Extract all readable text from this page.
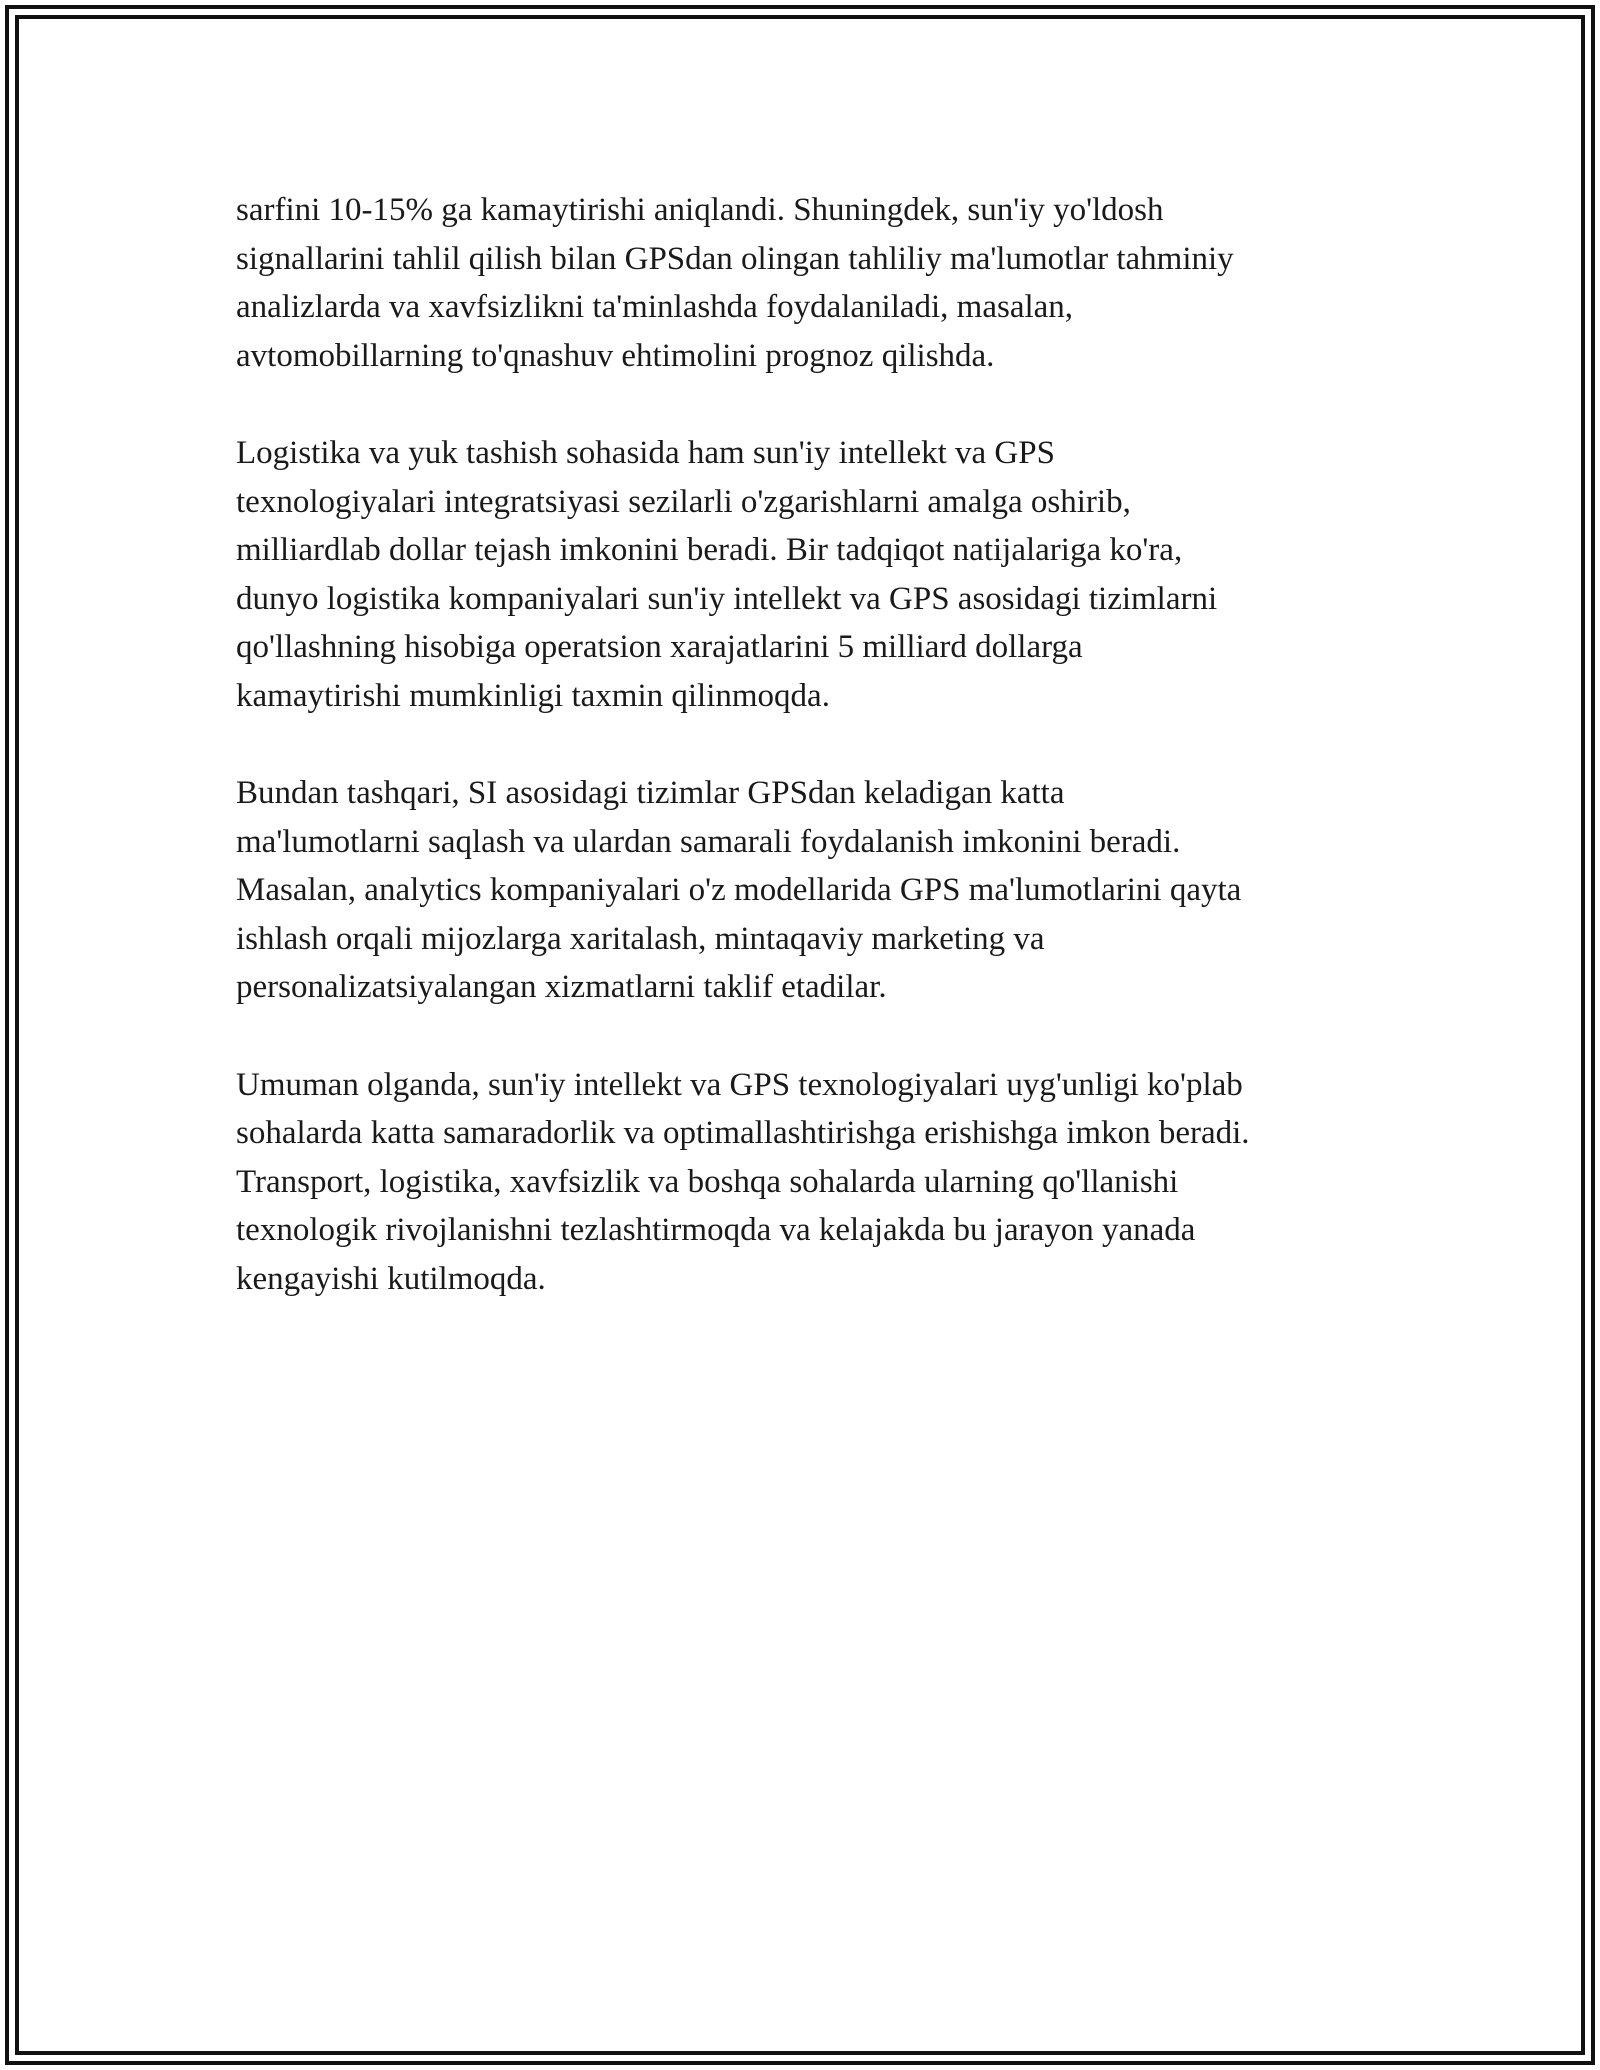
sarfini 10-15% ga kamaytirishi aniqlandi. Shuningdek, sun'iy yo'ldosh
signallarini tahlil qilish bilan GPSdan olingan tahliliy ma'lumotlar tahminiy
analizlarda va xavfsizlikni ta'minlashda foydalaniladi, masalan,
avtomobillarning to'qnashuv ehtimolini prognoz qilishda.

Logistika va yuk tashish sohasida ham sun'iy intellekt va GPS
texnologiyalari integratsiyasi sezilarli o'zgarishlarni amalga oshirib,
milliardlab dollar tejash imkonini beradi. Bir tadqiqot natijalariga ko'ra,
dunyo logistika kompaniyalari sun'iy intellekt va GPS asosidagi tizimlarni
qo'llashning hisobiga operatsion xarajatlarini 5 milliard dollarga
kamaytirishi mumkinligi taxmin qilinmoqda.

Bundan tashqari, SI asosidagi tizimlar GPSdan keladigan katta
ma'lumotlarni saqlash va ulardan samarali foydalanish imkonini beradi.
Masalan, analytics kompaniyalari o'z modellarida GPS ma'lumotlarini qayta
ishlash orqali mijozlarga xaritalash, mintaqaviy marketing va
personalizatsiyalangan xizmatlarni taklif etadilar.

Umuman olganda, sun'iy intellekt va GPS texnologiyalari uyg'unligi ko'plab
sohalarda katta samaradorlik va optimallashtirishga erishishga imkon beradi.
Transport, logistika, xavfsizlik va boshqa sohalarda ularning qo'llanishi
texnologik rivojlanishni tezlashtirmoqda va kelajakda bu jarayon yanada
kengayishi kutilmoqda.
